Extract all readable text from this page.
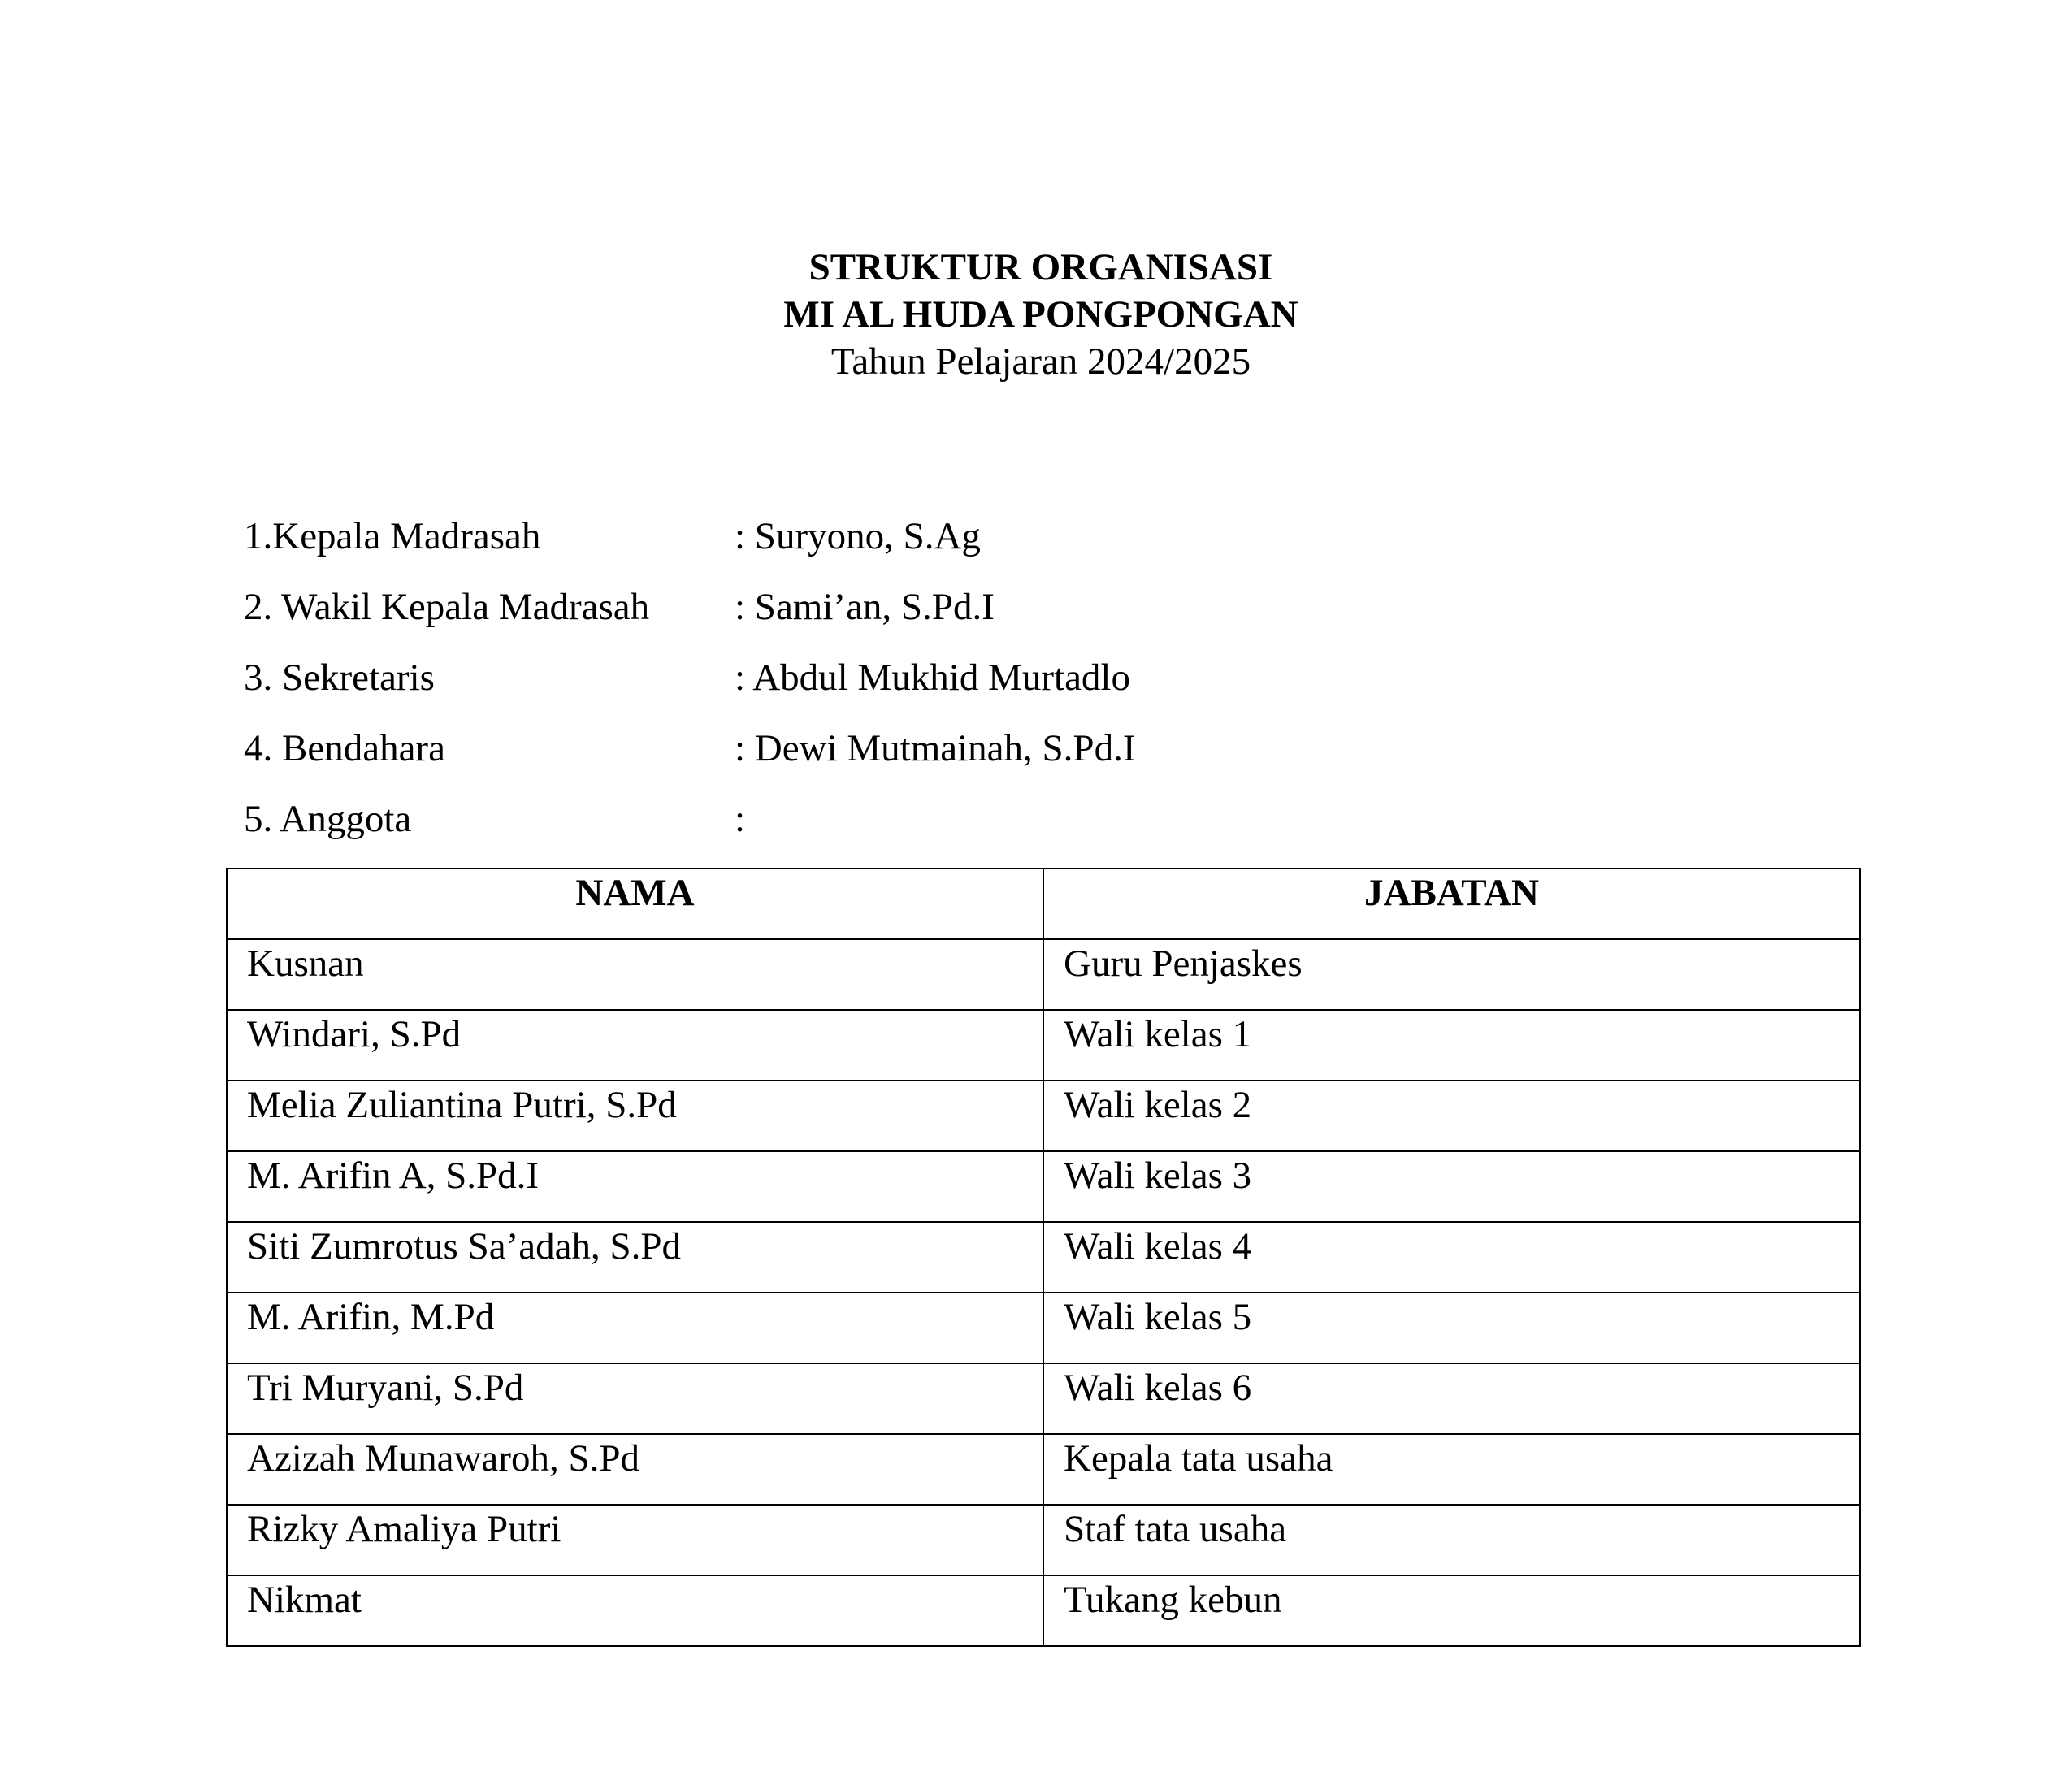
STRUKTUR ORGANISASI
MI AL HUDA PONGPONGAN
Tahun Pelajaran 2024/2025
1.Kepala Madrasah	: Suryono, S.Ag
2. Wakil Kepala Madrasah : Sami’an, S.Pd.I
3. Sekretaris	: Abdul Mukhid Murtadlo
4. Bendahara	: Dewi Mutmainah, S.Pd.I
5. Anggota	:
NAMA	JABATAN
Kusnan	Guru Penjaskes
Windari, S.Pd	Wali kelas 1
Melia Zuliantina Putri, S.Pd	Wali kelas 2
M. Arifin A, S.Pd.I	Wali kelas 3
Siti Zumrotus Sa’adah, S.Pd	Wali kelas 4
M. Arifin, M.Pd	Wali kelas 5
Tri Muryani, S.Pd	Wali kelas 6
Azizah Munawaroh, S.Pd	Kepala tata usaha
Rizky Amaliya Putri	Staf tata usaha
Nikmat	Tukang kebun
